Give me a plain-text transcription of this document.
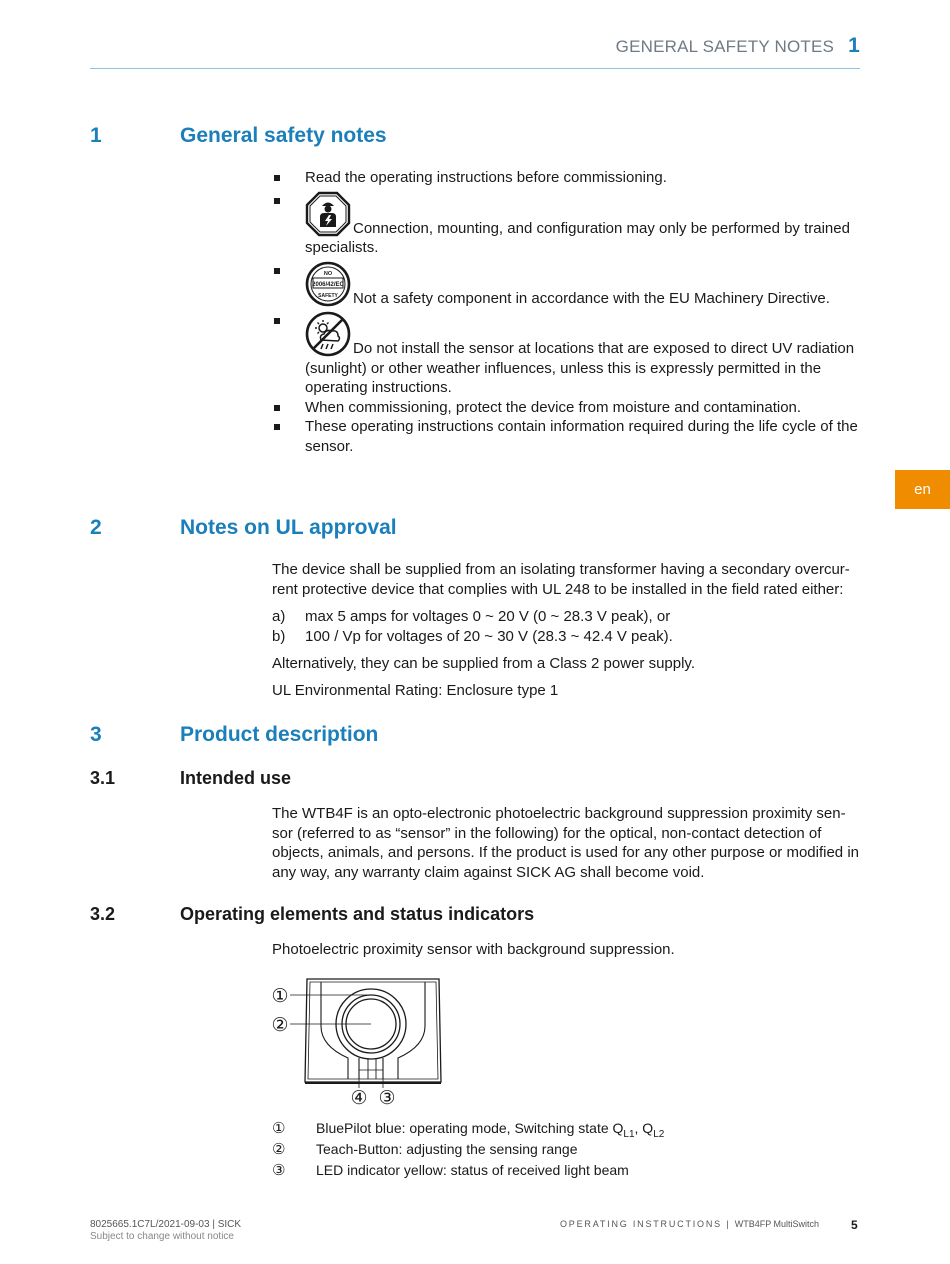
GENERAL SAFETY NOTES 1
en
1	General safety notes
Read the operating instructions before commissioning.
Connection, mounting, and configuration may only be performed by trained specialists.
NO
2006/42/EC
SAFETY Not a safety component in accordance with the EU Machinery Directive.
Do not install the sensor at locations that are exposed to direct UV radiation (sunlight) or other weather influences, unless this is expressly permitted in the operating instructions.
When commissioning, protect the device from moisture and contamination.
These operating instructions contain information required during the life cycle of the sensor.
2	Notes on UL approval
The device shall be supplied from an isolating transformer having a secondary overcur-rent protective device that complies with UL 248 to be installed in the field rated either:
a) max 5 amps for voltages 0 ~ 20 V (0 ~ 28.3 V peak), or
b) 100 / Vp for voltages of 20 ~ 30 V (28.3 ~ 42.4 V peak).
Alternatively, they can be supplied from a Class 2 power supply.
UL Environmental Rating: Enclosure type 1
3	Product description
3.1	Intended use
The WTB4F is an opto-electronic photoelectric background suppression proximity sen-sor (referred to as “sensor” in the following) for the optical, non-contact detection of objects, animals, and persons. If the product is used for any other purpose or modified in any way, any warranty claim against SICK AG shall become void.
3.2	Operating elements and status indicators
Photoelectric proximity sensor with background suppression.
①
②
④ ③
① BluePilot blue: operating mode, Switching state $Q_{L1}$, $Q_{L2}$
② Teach-Button: adjusting the sensing range
③ LED indicator yellow: status of received light beam
8025665.1C7L/2021-09-03 | SICK
Subject to change without notice
OPERATING INSTRUCTIONS | WTB4FP MultiSwitch	5
